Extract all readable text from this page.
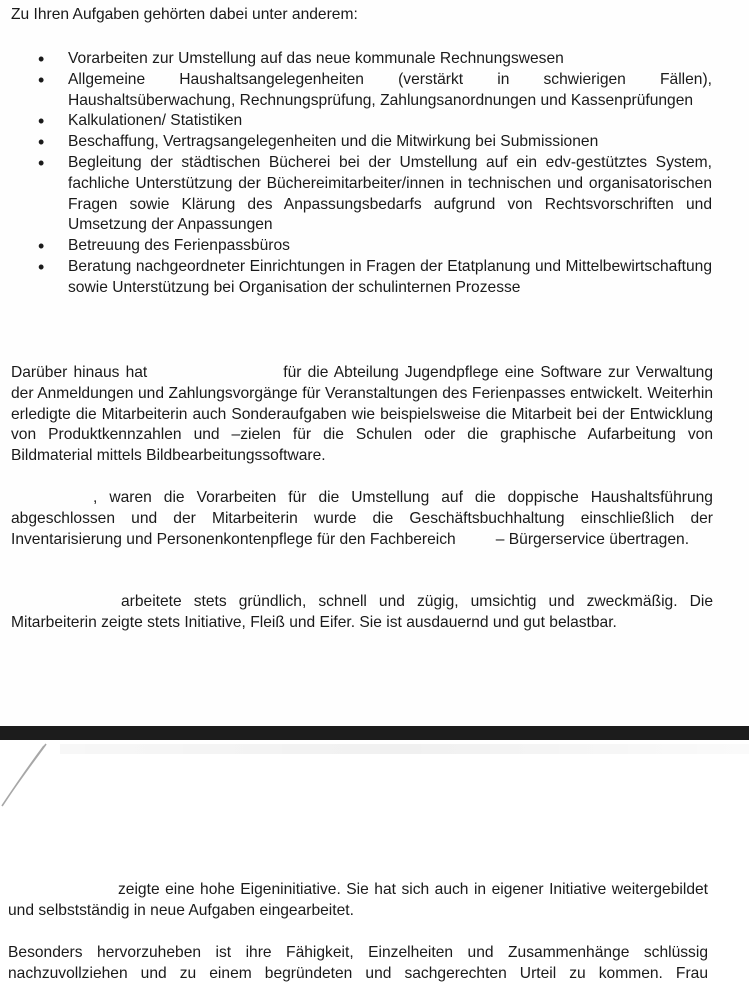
Zu Ihren Aufgaben gehörten dabei unter anderem:

• Vorarbeiten zur Umstellung auf das neue kommunale Rechnungswesen
• Allgemeine Haushaltsangelegenheiten (verstärkt in schwierigen Fällen), Haushaltsüberwachung, Rechnungsprüfung, Zahlungsanordnungen und Kassenprüfungen
• Kalkulationen/ Statistiken
• Beschaffung, Vertragsangelegenheiten und die Mitwirkung bei Submissionen
• Begleitung der städtischen Bücherei bei der Umstellung auf ein edv-gestütztes System, fachliche Unterstützung der Büchereimitarbeiter/innen in technischen und organisatorischen Fragen sowie Klärung des Anpassungsbedarfs aufgrund von Rechtsvorschriften und Umsetzung der Anpassungen
• Betreuung des Ferienpassbüros
• Beratung nachgeordneter Einrichtungen in Fragen der Etatplanung und Mittelbewirtschaftung sowie Unterstützung bei Organisation der schulinternen Prozesse

Darüber hinaus hat	für die Abteilung Jugendpflege eine Software zur Verwaltung der Anmeldungen und Zahlungsvorgänge für Veranstaltungen des Ferienpasses entwickelt. Weiterhin erledigte die Mitarbeiterin auch Sonderaufgaben wie beispielsweise die Mitarbeit bei der Entwicklung von Produktkennzahlen und –zielen für die Schulen oder die graphische Aufarbeitung von Bildmaterial mittels Bildbearbeitungssoftware.

, waren die Vorarbeiten für die Umstellung auf die doppische Haushaltsführung abgeschlossen und der Mitarbeiterin wurde die Geschäftsbuchhaltung einschließlich der Inventarisierung und Personenkontenpflege für den Fachbereich	– Bürgerservice übertragen.

arbeitete stets gründlich, schnell und zügig, umsichtig und zweckmäßig. Die Mitarbeiterin zeigte stets Initiative, Fleiß und Eifer. Sie ist ausdauernd und gut belastbar.

zeigte eine hohe Eigeninitiative. Sie hat sich auch in eigener Initiative weitergebildet und selbstständig in neue Aufgaben eingearbeitet.

Besonders hervorzuheben ist ihre Fähigkeit, Einzelheiten und Zusammenhänge schlüssig nachzuvollziehen und zu einem begründeten und sachgerechten Urteil zu kommen. Frau
